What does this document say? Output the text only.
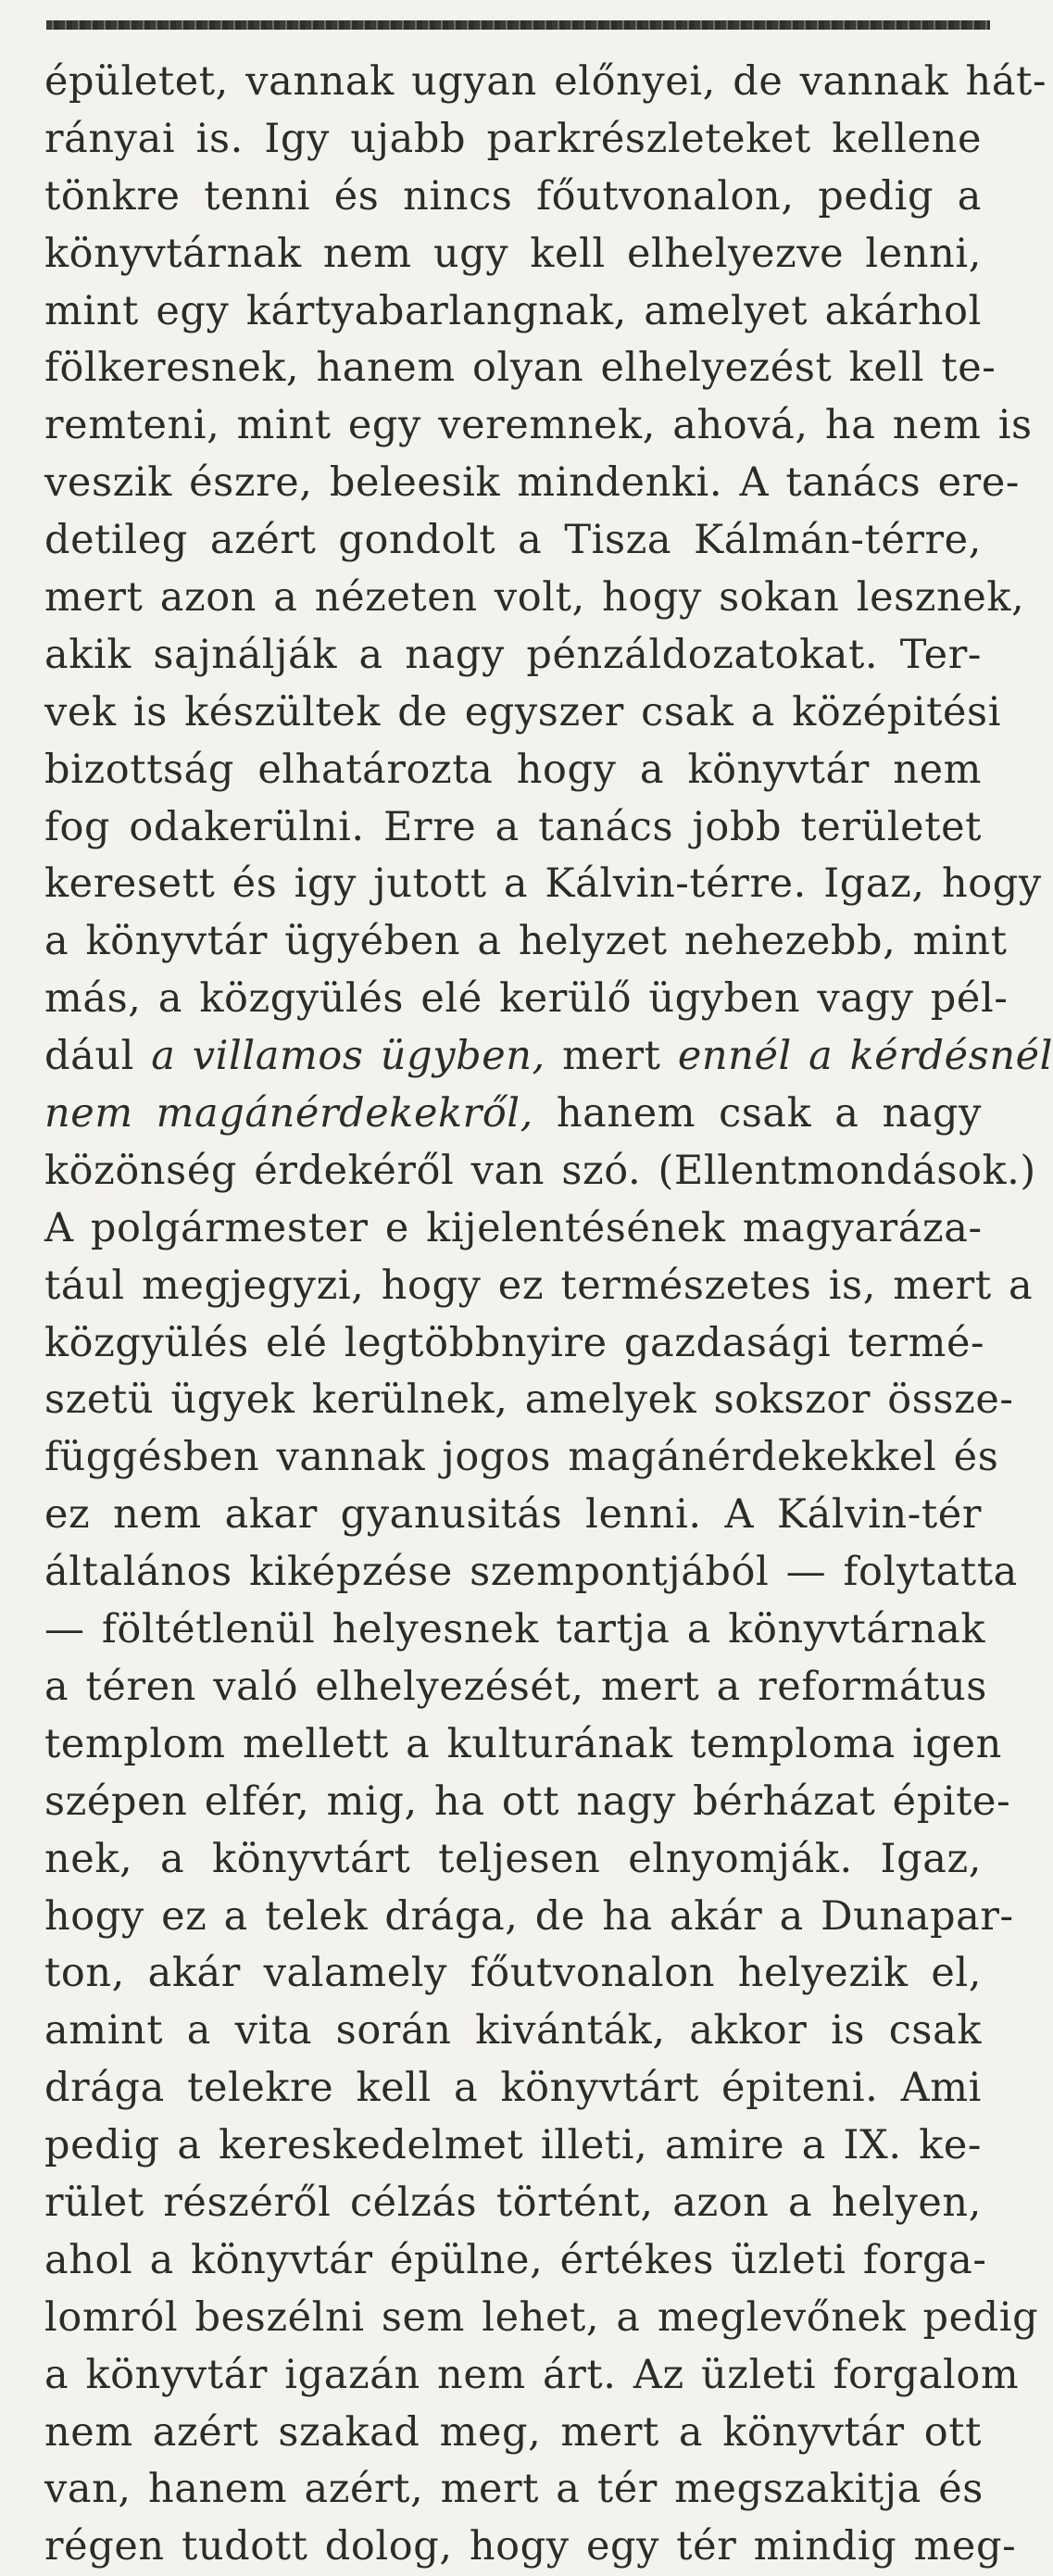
épületet, vannak ugyan előnyei, de vannak hát-
rányai is. Igy ujabb parkrészleteket kellene
tönkre tenni és nincs főutvonalon, pedig a
könyvtárnak nem ugy kell elhelyezve lenni,
mint egy kártyabarlangnak, amelyet akárhol
fölkeresnek, hanem olyan elhelyezést kell te-
remteni, mint egy veremnek, ahová, ha nem is
veszik észre, beleesik mindenki. A tanács ere-
detileg azért gondolt a Tisza Kálmán-térre,
mert azon a nézeten volt, hogy sokan lesznek,
akik sajnálják a nagy pénzáldozatokat. Ter-
vek is készültek de egyszer csak a középitési
bizottság elhatározta hogy a könyvtár nem
fog odakerülni. Erre a tanács jobb területet
keresett és igy jutott a Kálvin-térre. Igaz, hogy
a könyvtár ügyében a helyzet nehezebb, mint
más, a közgyülés elé kerülő ügyben vagy pél-
dául a villamos ügyben, mert ennél a kérdésnél
nem magánérdekekről, hanem csak a nagy
közönség érdekéről van szó. (Ellentmondások.)
A polgármester e kijelentésének magyaráza-
tául megjegyzi, hogy ez természetes is, mert a
közgyülés elé legtöbbnyire gazdasági termé-
szetü ügyek kerülnek, amelyek sokszor össze-
függésben vannak jogos magánérdekekkel és
ez nem akar gyanusitás lenni. A Kálvin-tér
általános kiképzése szempontjából — folytatta
— föltétlenül helyesnek tartja a könyvtárnak
a téren való elhelyezését, mert a református
templom mellett a kulturának temploma igen
szépen elfér, mig, ha ott nagy bérházat épite-
nek, a könyvtárt teljesen elnyomják. Igaz,
hogy ez a telek drága, de ha akár a Dunapar-
ton, akár valamely főutvonalon helyezik el,
amint a vita során kivánták, akkor is csak
drága telekre kell a könyvtárt épiteni. Ami
pedig a kereskedelmet illeti, amire a IX. ke-
rület részéről célzás történt, azon a helyen,
ahol a könyvtár épülne, értékes üzleti forga-
lomról beszélni sem lehet, a meglevőnek pedig
a könyvtár igazán nem árt. Az üzleti forgalom
nem azért szakad meg, mert a könyvtár ott
van, hanem azért, mert a tér megszakitja és
régen tudott dolog, hogy egy tér mindig meg-
